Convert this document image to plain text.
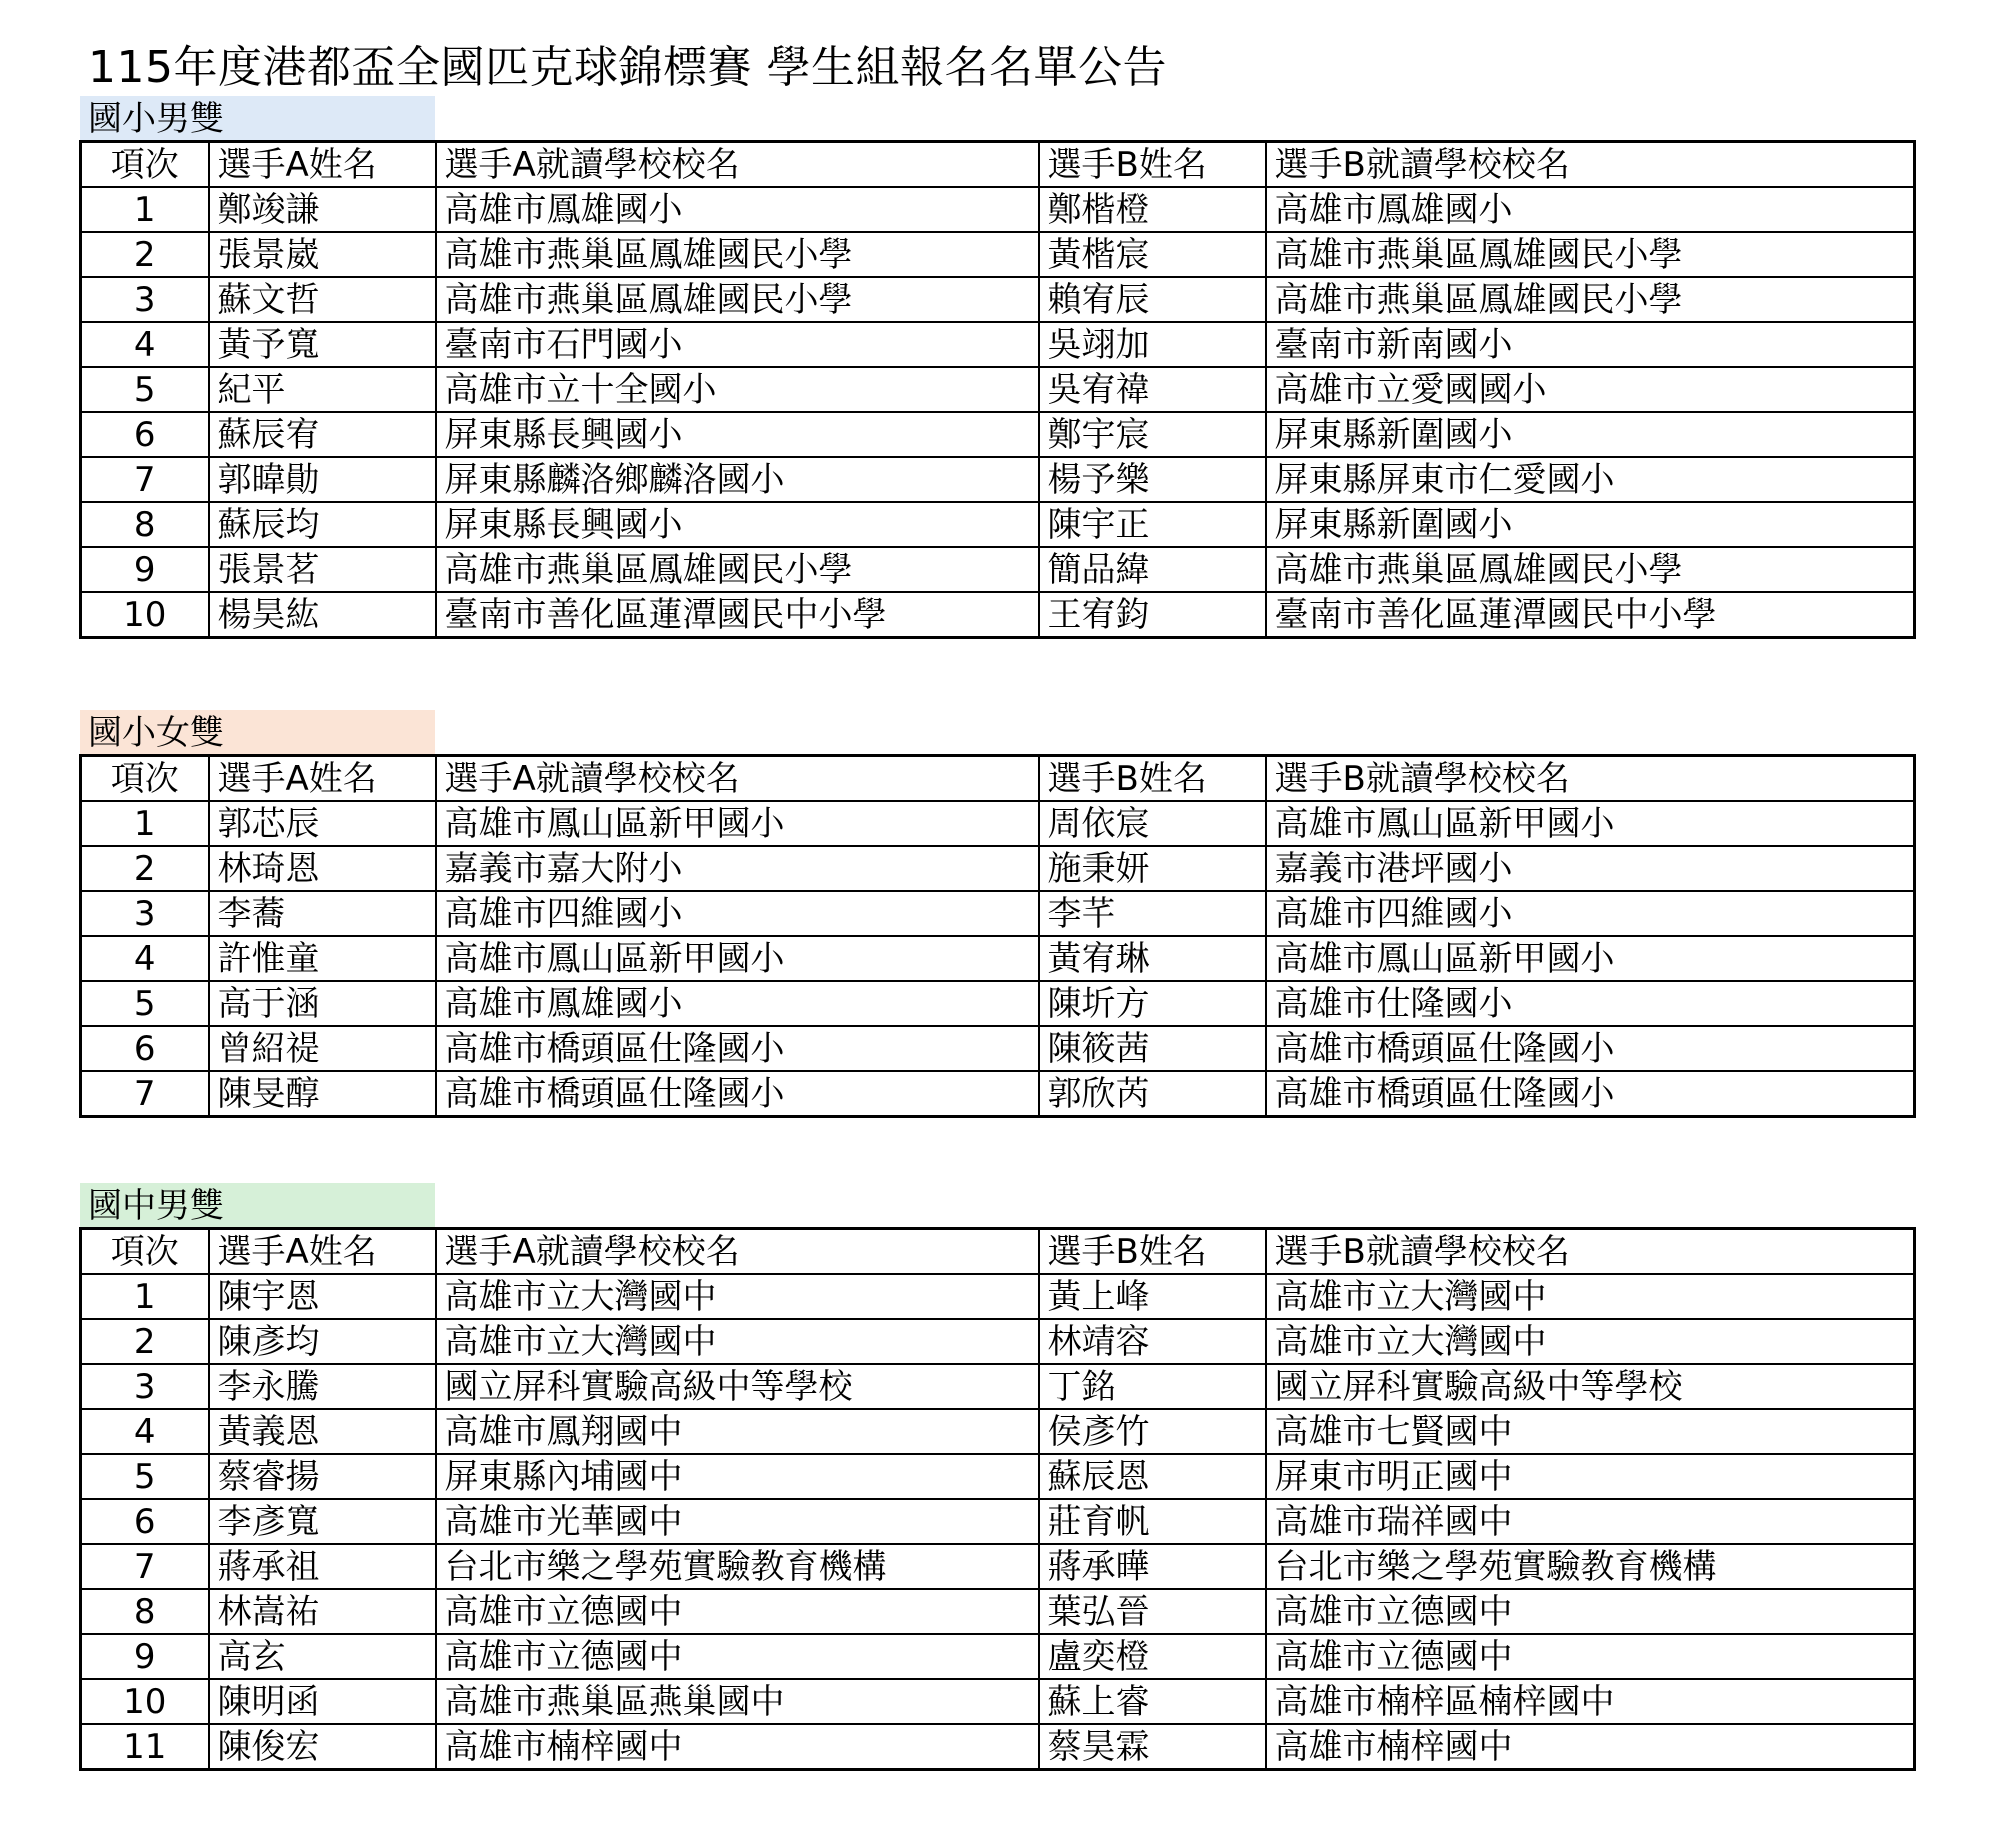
115年度港都盃全國匹克球錦標賽 學生組報名名單公告
國小男雙
項次	選手A姓名	選手A就讀學校校名	選手B姓名	選手B就讀學校校名
1	鄭竣謙	高雄市鳳雄國小	鄭楷橙	高雄市鳳雄國小
2	張景崴	高雄市燕巢區鳳雄國民小學	黃楷宸	高雄市燕巢區鳳雄國民小學
3	蘇文哲	高雄市燕巢區鳳雄國民小學	賴宥辰	高雄市燕巢區鳳雄國民小學
4	黃予寬	臺南市石門國小	吳翊加	臺南市新南國小
5	紀平	高雄市立十全國小	吳宥禕	高雄市立愛國國小
6	蘇辰宥	屏東縣長興國小	鄭宇宸	屏東縣新圍國小
7	郭暐勛	屏東縣麟洛鄉麟洛國小	楊予樂	屏東縣屏東市仁愛國小
8	蘇辰均	屏東縣長興國小	陳宇正	屏東縣新圍國小
9	張景茗	高雄市燕巢區鳳雄國民小學	簡品緯	高雄市燕巢區鳳雄國民小學
10	楊昊紘	臺南市善化區蓮潭國民中小學	王宥鈞	臺南市善化區蓮潭國民中小學
國小女雙
項次	選手A姓名	選手A就讀學校校名	選手B姓名	選手B就讀學校校名
1	郭芯辰	高雄市鳳山區新甲國小	周依宸	高雄市鳳山區新甲國小
2	林琦恩	嘉義市嘉大附小	施秉妍	嘉義市港坪國小
3	李蕎	高雄市四維國小	李芊	高雄市四維國小
4	許惟童	高雄市鳳山區新甲國小	黃宥琳	高雄市鳳山區新甲國小
5	高于涵	高雄市鳳雄國小	陳圻方	高雄市仕隆國小
6	曾紹禔	高雄市橋頭區仕隆國小	陳筱茜	高雄市橋頭區仕隆國小
7	陳旻醇	高雄市橋頭區仕隆國小	郭欣芮	高雄市橋頭區仕隆國小
國中男雙
項次	選手A姓名	選手A就讀學校校名	選手B姓名	選手B就讀學校校名
1	陳宇恩	高雄市立大灣國中	黃上峰	高雄市立大灣國中
2	陳彥均	高雄市立大灣國中	林靖容	高雄市立大灣國中
3	李永騰	國立屏科實驗高級中等學校	丁銘	國立屏科實驗高級中等學校
4	黃義恩	高雄市鳳翔國中	侯彥竹	高雄市七賢國中
5	蔡睿揚	屏東縣內埔國中	蘇辰恩	屏東市明正國中
6	李彥寬	高雄市光華國中	莊育帆	高雄市瑞祥國中
7	蔣承祖	台北市樂之學苑實驗教育機構	蔣承曄	台北市樂之學苑實驗教育機構
8	林嵩祐	高雄市立德國中	葉弘晉	高雄市立德國中
9	高玄	高雄市立德國中	盧奕橙	高雄市立德國中
10	陳明函	高雄市燕巢區燕巢國中	蘇上睿	高雄市楠梓區楠梓國中
11	陳俊宏	高雄市楠梓國中	蔡昊霖	高雄市楠梓國中
